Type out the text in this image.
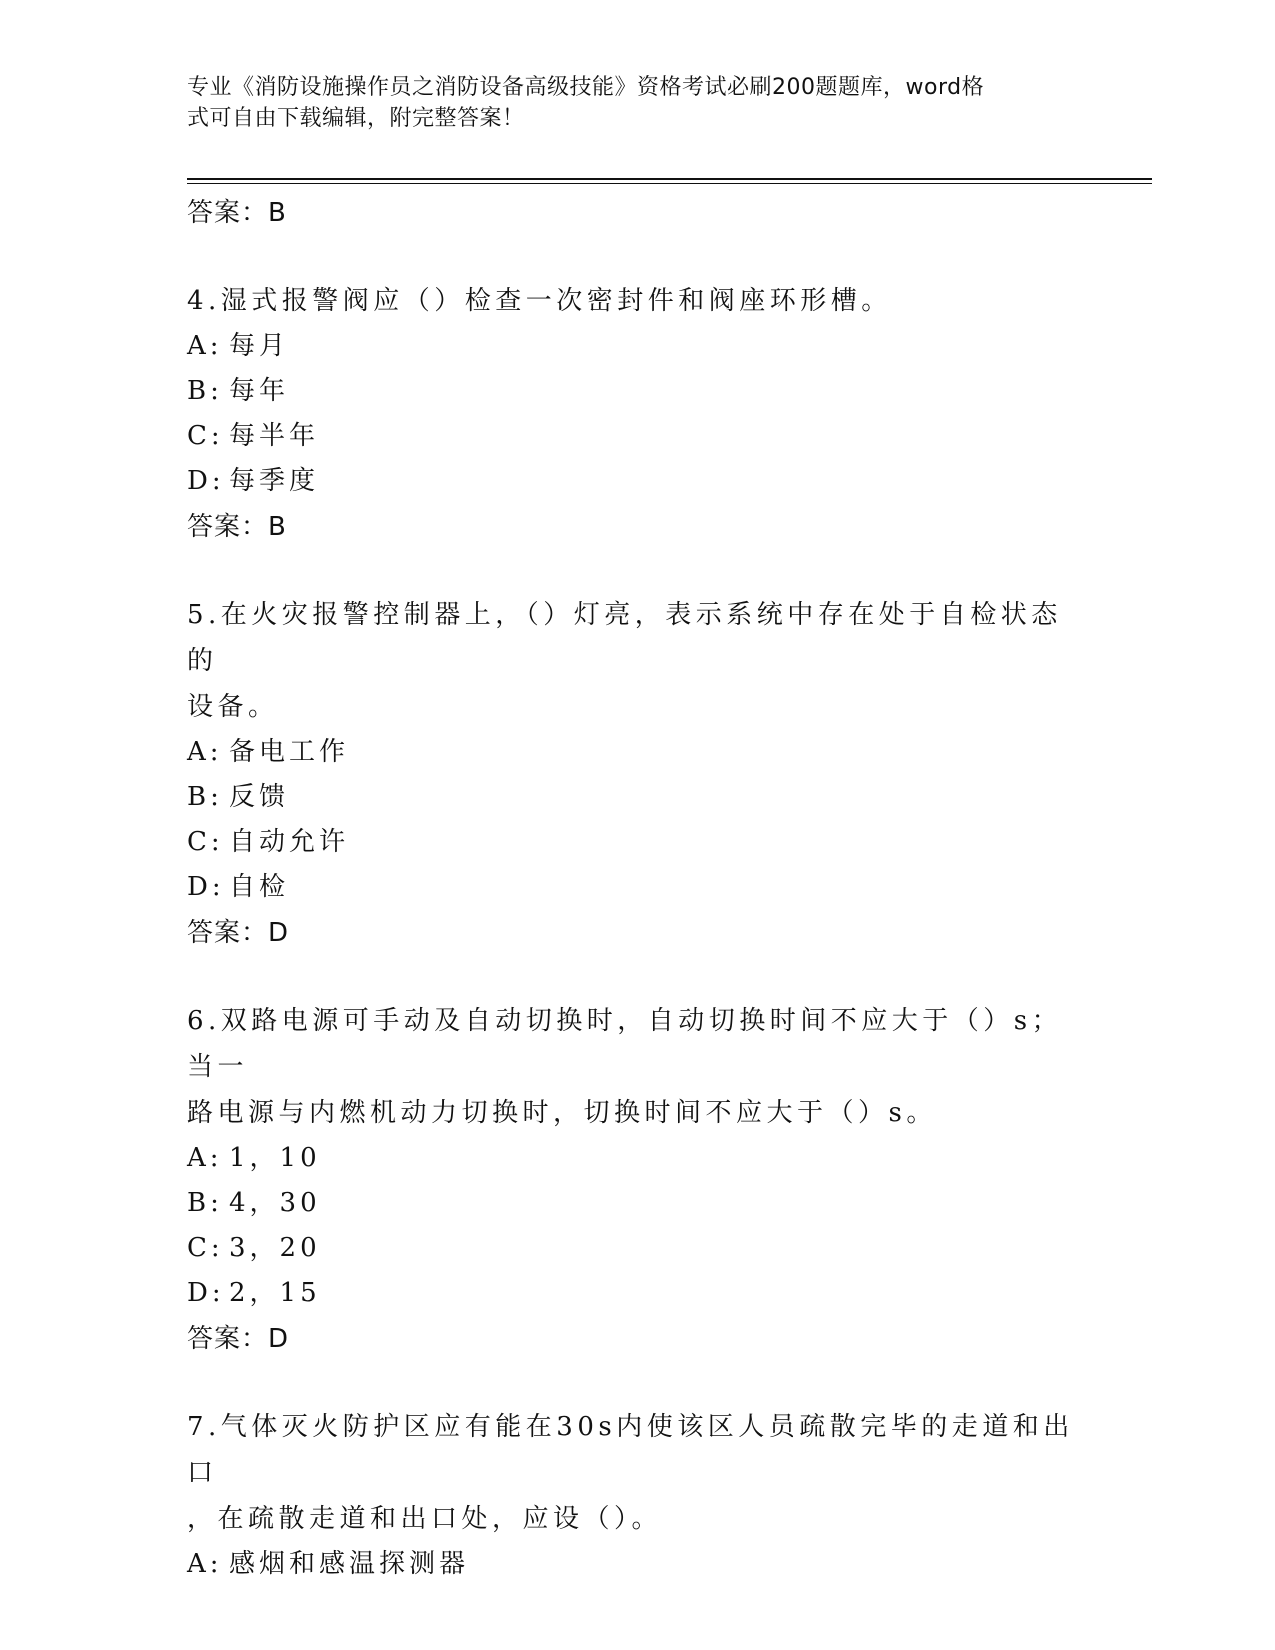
专业《消防设施操作员之消防设备高级技能》资格考试必刷200题题库，word格
式可自由下载编辑，附完整答案！
答案：B
4.湿式报警阀应（）检查一次密封件和阀座环形槽。
A: 每月
B: 每年
C: 每半年
D: 每季度
答案：B
5.在火灾报警控制器上，（）灯亮，表示系统中存在处于自检状态的
设备。
A: 备电工作
B: 反馈
C: 自动允许
D: 自检
答案：D
6.双路电源可手动及自动切换时，自动切换时间不应大于（）s；当一
路电源与内燃机动力切换时，切换时间不应大于（）s。
A: 1，10
B: 4，30
C: 3，20
D: 2，15
答案：D
7.气体灭火防护区应有能在30s内使该区人员疏散完毕的走道和出口
，在疏散走道和出口处，应设（）。
A: 感烟和感温探测器
